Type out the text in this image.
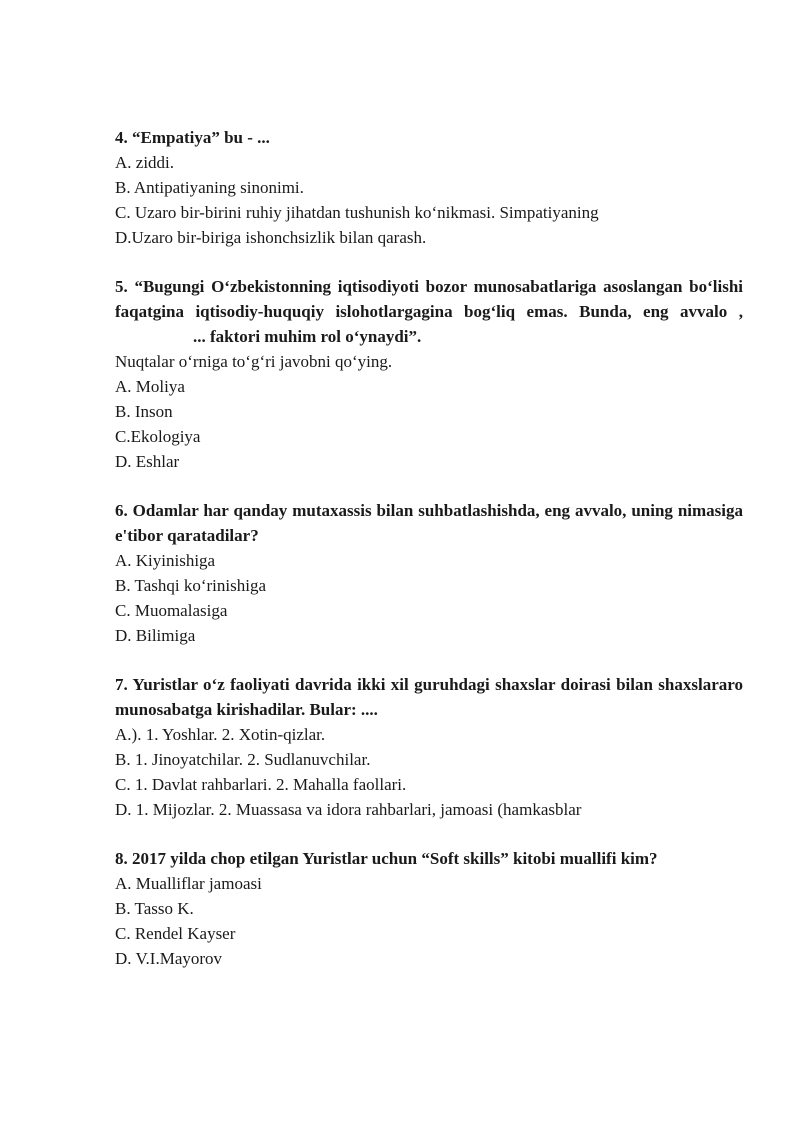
4. “Empatiya” bu - ...

A. ziddi.

B. Antipatiyaning sinonimi.

C. Uzaro bir-birini ruhiy jihatdan tushunish ko‘nikmasi. Simpatiyaning

D.Uzaro bir-biriga ishonchsizlik bilan qarash.

5. “Bugungi O‘zbekistonning iqtisodiyoti bozor munosabatlariga asoslangan bo‘lishi faqatgina iqtisodiy-huquqiy islohotlargagina bog‘liq emas. Bunda, eng avvalo ,... faktori muhim rol o‘ynaydi”.

Nuqtalar o‘rniga to‘g‘ri javobni qo‘ying.

A. Moliya

B. Inson

C.Ekologiya

D. Eshlar

6. Odamlar har qanday mutaxassis bilan suhbatlashishda, eng avvalo, uning nimasiga e'tibor qaratadilar?

A. Kiyinishiga

B. Tashqi ko‘rinishiga

C. Muomalasiga

D. Bilimiga

7. Yuristlar o‘z faoliyati davrida ikki xil guruhdagi shaxslar doirasi bilan shaxslararo munosabatga kirishadilar. Bular: ....

A.). 1. Yoshlar. 2. Xotin-qizlar.

B. 1. Jinoyatchilar. 2. Sudlanuvchilar.

C. 1. Davlat rahbarlari. 2. Mahalla faollari.

D. 1. Mijozlar. 2. Muassasa va idora rahbarlari, jamoasi (hamkasblar

8. 2017 yilda chop etilgan Yuristlar uchun “Soft skills” kitobi muallifi kim?

A. Mualliflar jamoasi

B. Tasso K.

C. Rendel Kayser

D. V.I.Mayorov
